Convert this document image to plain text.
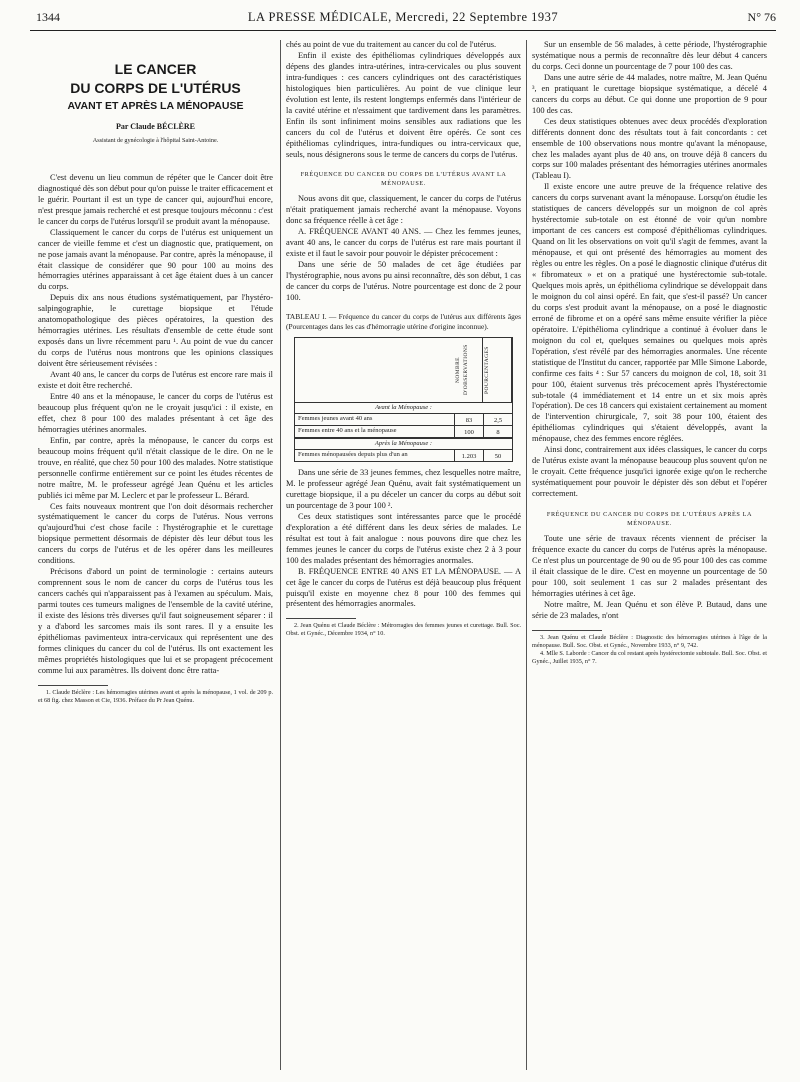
1344	LA PRESSE MÉDICALE, Mercredi, 22 Septembre 1937	N° 76
LE CANCER
DU CORPS DE L'UTÉRUS
AVANT ET APRÈS LA MÉNOPAUSE
Par Claude BÉCLÈRE
Assistant de gynécologie à l'hôpital Saint-Antoine.

C'est devenu un lieu commun de répéter que le Cancer doit être diagnostiqué dès son début pour qu'on puisse le traiter efficacement et le guérir. Pourtant il est un type de cancer qui, aujourd'hui encore, n'est presque jamais recherché et est presque toujours méconnu : c'est le cancer du corps de l'utérus lorsqu'il se produit avant la ménopause.

Classiquement le cancer du corps de l'utérus est uniquement un cancer de vieille femme et c'est un diagnostic que, pratiquement, on ne pose jamais avant la ménopause. Par contre, après la ménopause, il était classique de considérer que 90 pour 100 au moins des hémorragies utérines apparaissant à cet âge étaient dues à un cancer du corps.

Depuis dix ans nous étudions systématiquement, par l'hystéro-salpingographie, le curettage biopsique et l'étude anatomopathologique des pièces opératoires, la question des hémorragies utérines. Les résultats d'ensemble de cette étude sont exposés dans un livre récemment paru ¹. Au point de vue du cancer du corps de l'utérus nous montrons que les opinions classiques doivent être sérieusement révisées :

Avant 40 ans, le cancer du corps de l'utérus est encore rare mais il existe et doit être recherché.

Entre 40 ans et la ménopause, le cancer du corps de l'utérus est beaucoup plus fréquent qu'on ne le croyait jusqu'ici : il existe, en effet, chez 8 pour 100 des malades présentant à cet âge des hémorragies utérines anormales.

Enfin, par contre, après la ménopause, le cancer du corps est beaucoup moins fréquent qu'il n'était classique de le dire. On ne le trouve, en réalité, que chez 50 pour 100 des malades. Notre statistique personnelle confirme entièrement sur ce point les études récentes de notre maître, M. le professeur agrégé Jean Quénu et les articles publiés ici même par M. Leclerc et par le professeur L. Bérard.

Ces faits nouveaux montrent que l'on doit désormais rechercher systématiquement le cancer du corps de l'utérus. Nous verrons qu'aujourd'hui c'est chose facile : l'hystérographie et le curettage biopsique permettent désormais de dépister dès leur début tous les cancers du corps de l'utérus et de les opérer dans les meilleures conditions.

Précisons d'abord un point de terminologie : certains auteurs comprennent sous le nom de cancer du corps de l'utérus tous les cancers cachés qui n'apparaissent pas à l'examen au spéculum. Mais, parmi toutes ces tumeurs malignes de l'ensemble de la cavité utérine, il existe des lésions très diverses qu'il faut soigneusement séparer : il y a d'abord les sarcomes mais ils sont rares. Il y a ensuite les épithéliomas pavimenteux intra-cervicaux qui représentent une des formes cliniques du cancer du col de l'utérus. Ils ont exactement les mêmes propriétés histologiques que lui et se propagent précocement comme lui aux paramètres. Ils doivent donc être ratta-

1. Claude Béclère : Les hémorragies utérines avant et après la ménopause, 1 vol. de 209 p. et 68 fig. chez Masson et Cie, 1936. Préface du Pr Jean Quénu.

chés au point de vue du traitement au cancer du col de l'utérus.

Enfin il existe des épithéliomas cylindriques développés aux dépens des glandes intra-utérines, intra-cervicales ou plus souvent intra-fundiques : ces cancers cylindriques ont des caractéristiques histologiques bien particulières. Au point de vue clinique leur évolution est lente, ils restent longtemps enfermés dans l'intérieur de la cavité utérine et n'essaiment que tardivement dans les paramètres. Enfin ils sont infiniment moins sensibles aux radiations que les cancers du col de l'utérus et doivent être opérés. Ce sont ces épithéliomas cylindriques, intra-fundiques ou intra-cervicaux que, seuls, nous désignerons sous le terme de cancers du corps de l'utérus.

FRÉQUENCE DU CANCER DU CORPS DE L'UTÉRUS AVANT LA MÉNOPAUSE.

Nous avons dit que, classiquement, le cancer du corps de l'utérus n'était pratiquement jamais recherché avant la ménopause. Voyons donc sa fréquence réelle à cet âge :

A. FRÉQUENCE AVANT 40 ANS. — Chez les femmes jeunes, avant 40 ans, le cancer du corps de l'utérus est rare mais pourtant il existe et il faut le savoir pour pouvoir le dépister précocement :

Dans une série de 50 malades de cet âge étudiées par l'hystérographie, nous avons pu ainsi reconnaître, dès son début, 1 cas de cancer du corps de l'utérus. Notre pourcentage est donc de 2 pour 100.

TABLEAU I. — Fréquence du cancer du corps de l'utérus aux différents âges (Pourcentages dans les cas d'hémorragie utérine d'origine inconnue).

NOMBRE D'OBSERVATIONS	POURCENTAGES
Avant la Ménopause :
Femmes jeunes avant 40 ans	83	2,5
Femmes entre 40 ans et la ménopause	100	8
Après la Ménopause :
Femmes ménopausées depuis plus d'un an	1.203	50

Dans une série de 33 jeunes femmes, chez lesquelles notre maître, M. le professeur agrégé Jean Quénu, avait fait systématiquement un curettage biopsique, il a pu déceler un cancer du corps au début soit un pourcentage de 3 pour 100 ².

Ces deux statistiques sont intéressantes parce que le procédé d'exploration a été différent dans les deux séries de malades. Le résultat est tout à fait analogue : nous pouvons dire que chez les femmes jeunes le cancer du corps de l'utérus existe chez 2 à 3 pour 100 des malades présentant des hémorragies anormales.

B. FRÉQUENCE ENTRE 40 ANS ET LA MÉNOPAUSE. — A cet âge le cancer du corps de l'utérus est déjà beaucoup plus fréquent puisqu'il existe en moyenne chez 8 pour 100 des femmes qui présentent des hémorragies anormales.

2. Jean Quénu et Claude Béclère : Métrorragies des femmes jeunes et curettage. Bull. Soc. Obst. et Gynéc., Décembre 1934, n° 10.

Sur un ensemble de 56 malades, à cette période, l'hystérographie systématique nous a permis de reconnaître dès leur début 4 cancers du corps. Ceci donne un pourcentage de 7 pour 100 des cas.

Dans une autre série de 44 malades, notre maître, M. Jean Quénu ³, en pratiquant le curettage biopsique systématique, a décelé 4 cancers du corps au début. Ce qui donne une proportion de 9 pour 100 des cas.

Ces deux statistiques obtenues avec deux procédés d'exploration différents donnent donc des résultats tout à fait concordants : cet ensemble de 100 observations nous montre qu'avant la ménopause, chez les malades ayant plus de 40 ans, on trouve déjà 8 cancers du corps sur 100 malades présentant des hémorragies utérines anormales (Tableau I).

Il existe encore une autre preuve de la fréquence relative des cancers du corps survenant avant la ménopause. Lorsqu'on étudie les statistiques de cancers développés sur un moignon de col après hystérectomie sub-totale on est étonné de voir qu'un nombre important de ces cancers est composé d'épithéliomas cylindriques. Quand on lit les observations on voit qu'il s'agit de femmes, avant la ménopause, et qui ont présenté des hémorragies au moment des règles ou entre les règles. On a posé le diagnostic clinique d'utérus dit « fibromateux » et on a pratiqué une hystérectomie sub-totale. Quelques mois après, un épithélioma cylindrique se développait dans le moignon du col ainsi opéré. En fait, que s'est-il passé? Un cancer du corps s'est produit avant la ménopause, on a posé le diagnostic erroné de fibrome et on a opéré sans même ensuite vérifier la pièce opératoire. L'épithélioma cylindrique a continué à évoluer dans le moignon du col et, quelques semaines ou quelques mois après l'opération, s'est révélé par des hémorragies anormales. Une récente statistique de l'Institut du cancer, rapportée par Mlle Simone Laborde, confirme ces faits ⁴ : Sur 57 cancers du moignon de col, 18, soit 31 pour 100, étaient survenus très précocement après l'hystérectomie sub-totale (4 immédiatement et 14 entre un et six mois après l'opération). De ces 18 cancers qui existaient certainement au moment de l'intervention chirurgicale, 7, soit 38 pour 100, étaient des épithéliomas cylindriques qui s'étaient développés, avant la ménopause, chez des femmes encore réglées.

Ainsi donc, contrairement aux idées classiques, le cancer du corps de l'utérus existe avant la ménopause beaucoup plus souvent qu'on ne le croyait. Cette fréquence jusqu'ici ignorée exige qu'on le recherche systématiquement pour pouvoir le dépister dès son début et l'opérer correctement.

FRÉQUENCE DU CANCER DU CORPS DE L'UTÉRUS APRÈS LA MÉNOPAUSE.

Toute une série de travaux récents viennent de préciser la fréquence exacte du cancer du corps de l'utérus après la ménopause. Ce n'est plus un pourcentage de 90 ou de 95 pour 100 des cas comme il était classique de le dire. C'est en moyenne un pourcentage de 50 pour 100, soit seulement 1 cas sur 2 malades présentant des hémorragies utérines à cet âge.

Notre maître, M. Jean Quénu et son élève P. Butaud, dans une série de 23 malades, n'ont

3. Jean Quénu et Claude Béclère : Diagnostic des hémorragies utérines à l'âge de la ménopause. Bull. Soc. Obst. et Gynéc., Novembre 1933, n° 9, 742.

4. Mlle S. Laborde : Cancer du col restant après hystérectomie subtotale. Bull. Soc. Obst. et Gynéc., Juillet 1935, n° 7.
